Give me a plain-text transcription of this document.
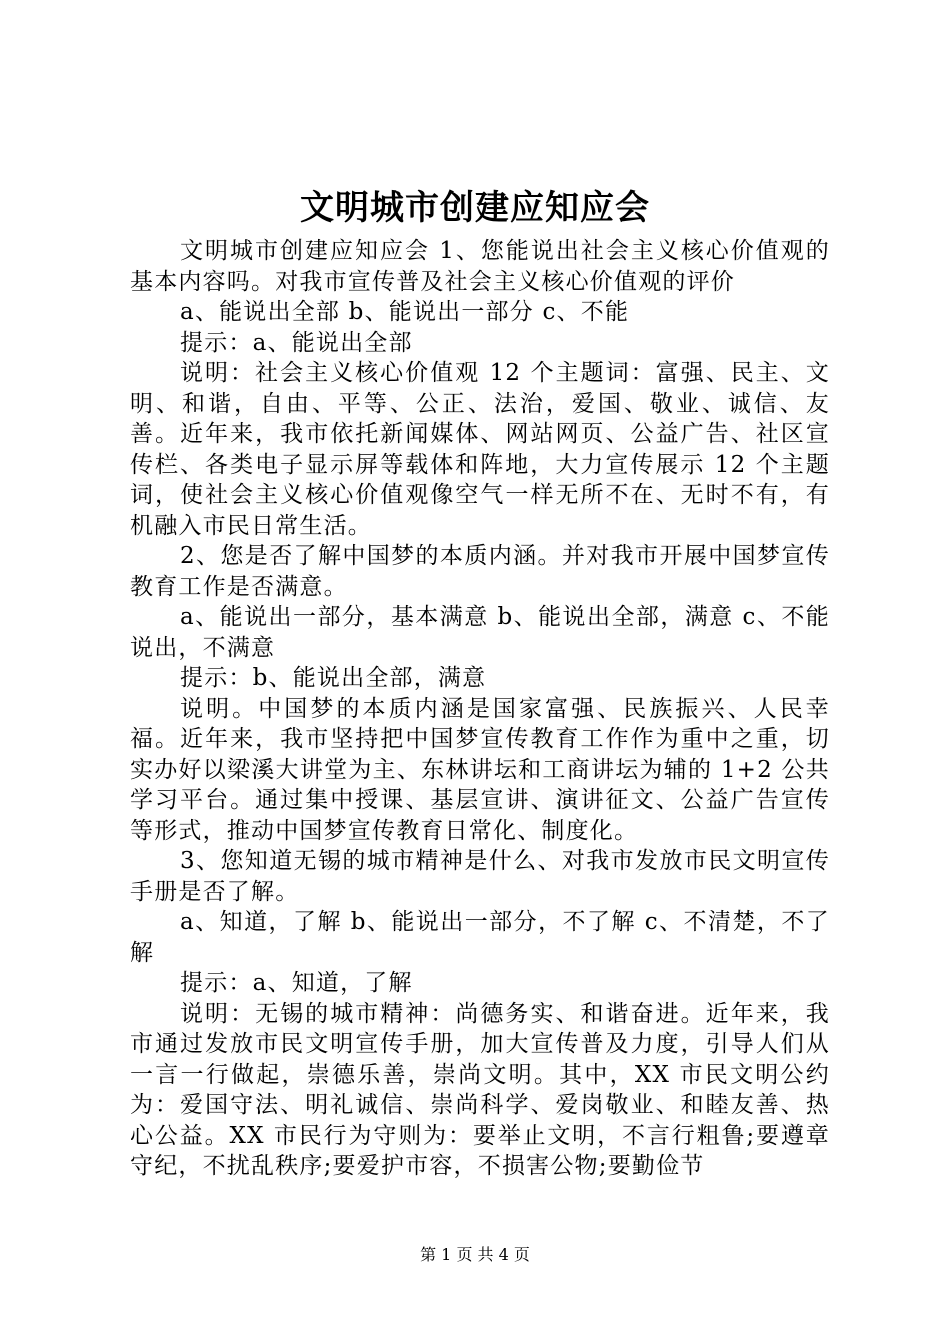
文明城市创建应知应会

文明城市创建应知应会 1、您能说出社会主义核心价值观的基本内容吗。对我市宣传普及社会主义核心价值观的评价

a、能说出全部 b、能说出一部分 c、不能

提示：a、能说出全部

说明：社会主义核心价值观 12 个主题词：富强、民主、文明、和谐，自由、平等、公正、法治，爱国、敬业、诚信、友善。近年来，我市依托新闻媒体、网站网页、公益广告、社区宣传栏、各类电子显示屏等载体和阵地，大力宣传展示 12 个主题词，使社会主义核心价值观像空气一样无所不在、无时不有，有机融入市民日常生活。

2、您是否了解中国梦的本质内涵。并对我市开展中国梦宣传教育工作是否满意。

a、能说出一部分，基本满意 b、能说出全部，满意 c、不能说出，不满意

提示：b、能说出全部，满意

说明。中国梦的本质内涵是国家富强、民族振兴、人民幸福。近年来，我市坚持把中国梦宣传教育工作作为重中之重，切实办好以梁溪大讲堂为主、东林讲坛和工商讲坛为辅的 1+2 公共学习平台。通过集中授课、基层宣讲、演讲征文、公益广告宣传等形式，推动中国梦宣传教育日常化、制度化。

3、您知道无锡的城市精神是什么、对我市发放市民文明宣传手册是否了解。

a、知道，了解 b、能说出一部分，不了解 c、不清楚，不了解

提示：a、知道，了解

说明：无锡的城市精神：尚德务实、和谐奋进。近年来，我市通过发放市民文明宣传手册，加大宣传普及力度，引导人们从一言一行做起，崇德乐善，崇尚文明。其中，XX 市民文明公约为：爱国守法、明礼诚信、崇尚科学、爱岗敬业、和睦友善、热心公益。XX 市民行为守则为：要举止文明，不言行粗鲁;要遵章守纪，不扰乱秩序;要爱护市容，不损害公物;要勤俭节

第 1 页 共 4 页
